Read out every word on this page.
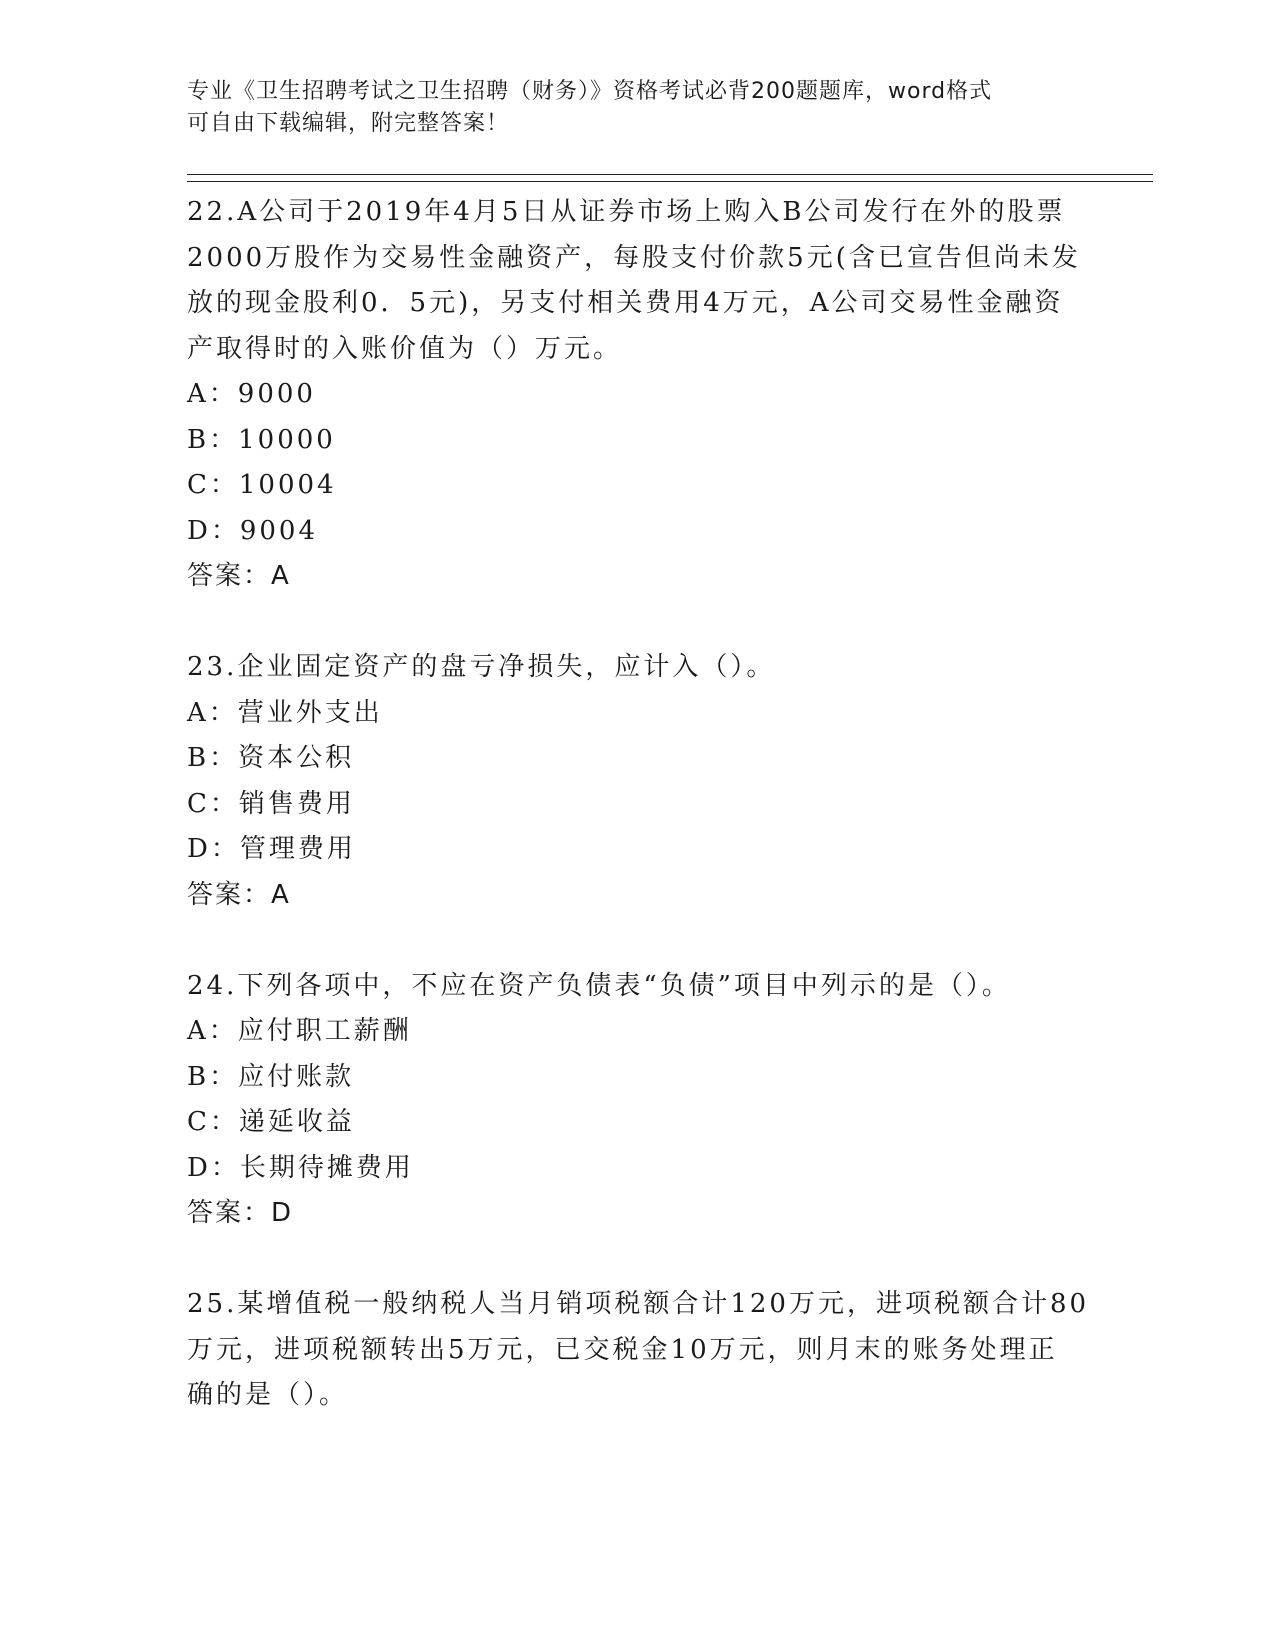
专业《卫生招聘考试之卫生招聘（财务）》资格考试必背200题题库，word格式
可自由下载编辑，附完整答案！

22.A公司于2019年4月5日从证券市场上购入B公司发行在外的股票

2000万股作为交易性金融资产，每股支付价款5元(含已宣告但尚未发

放的现金股利0．5元)，另支付相关费用4万元，A公司交易性金融资

产取得时的入账价值为（）万元。

A：9000

B：10000

C：10004

D：9004

答案：A

23.企业固定资产的盘亏净损失，应计入（）。

A：营业外支出

B：资本公积

C：销售费用

D：管理费用

答案：A

24.下列各项中，不应在资产负债表“负债”项目中列示的是（）。

A：应付职工薪酬

B：应付账款

C：递延收益

D：长期待摊费用

答案：D

25.某增值税一般纳税人当月销项税额合计120万元，进项税额合计80

万元，进项税额转出5万元，已交税金10万元，则月末的账务处理正

确的是（）。
